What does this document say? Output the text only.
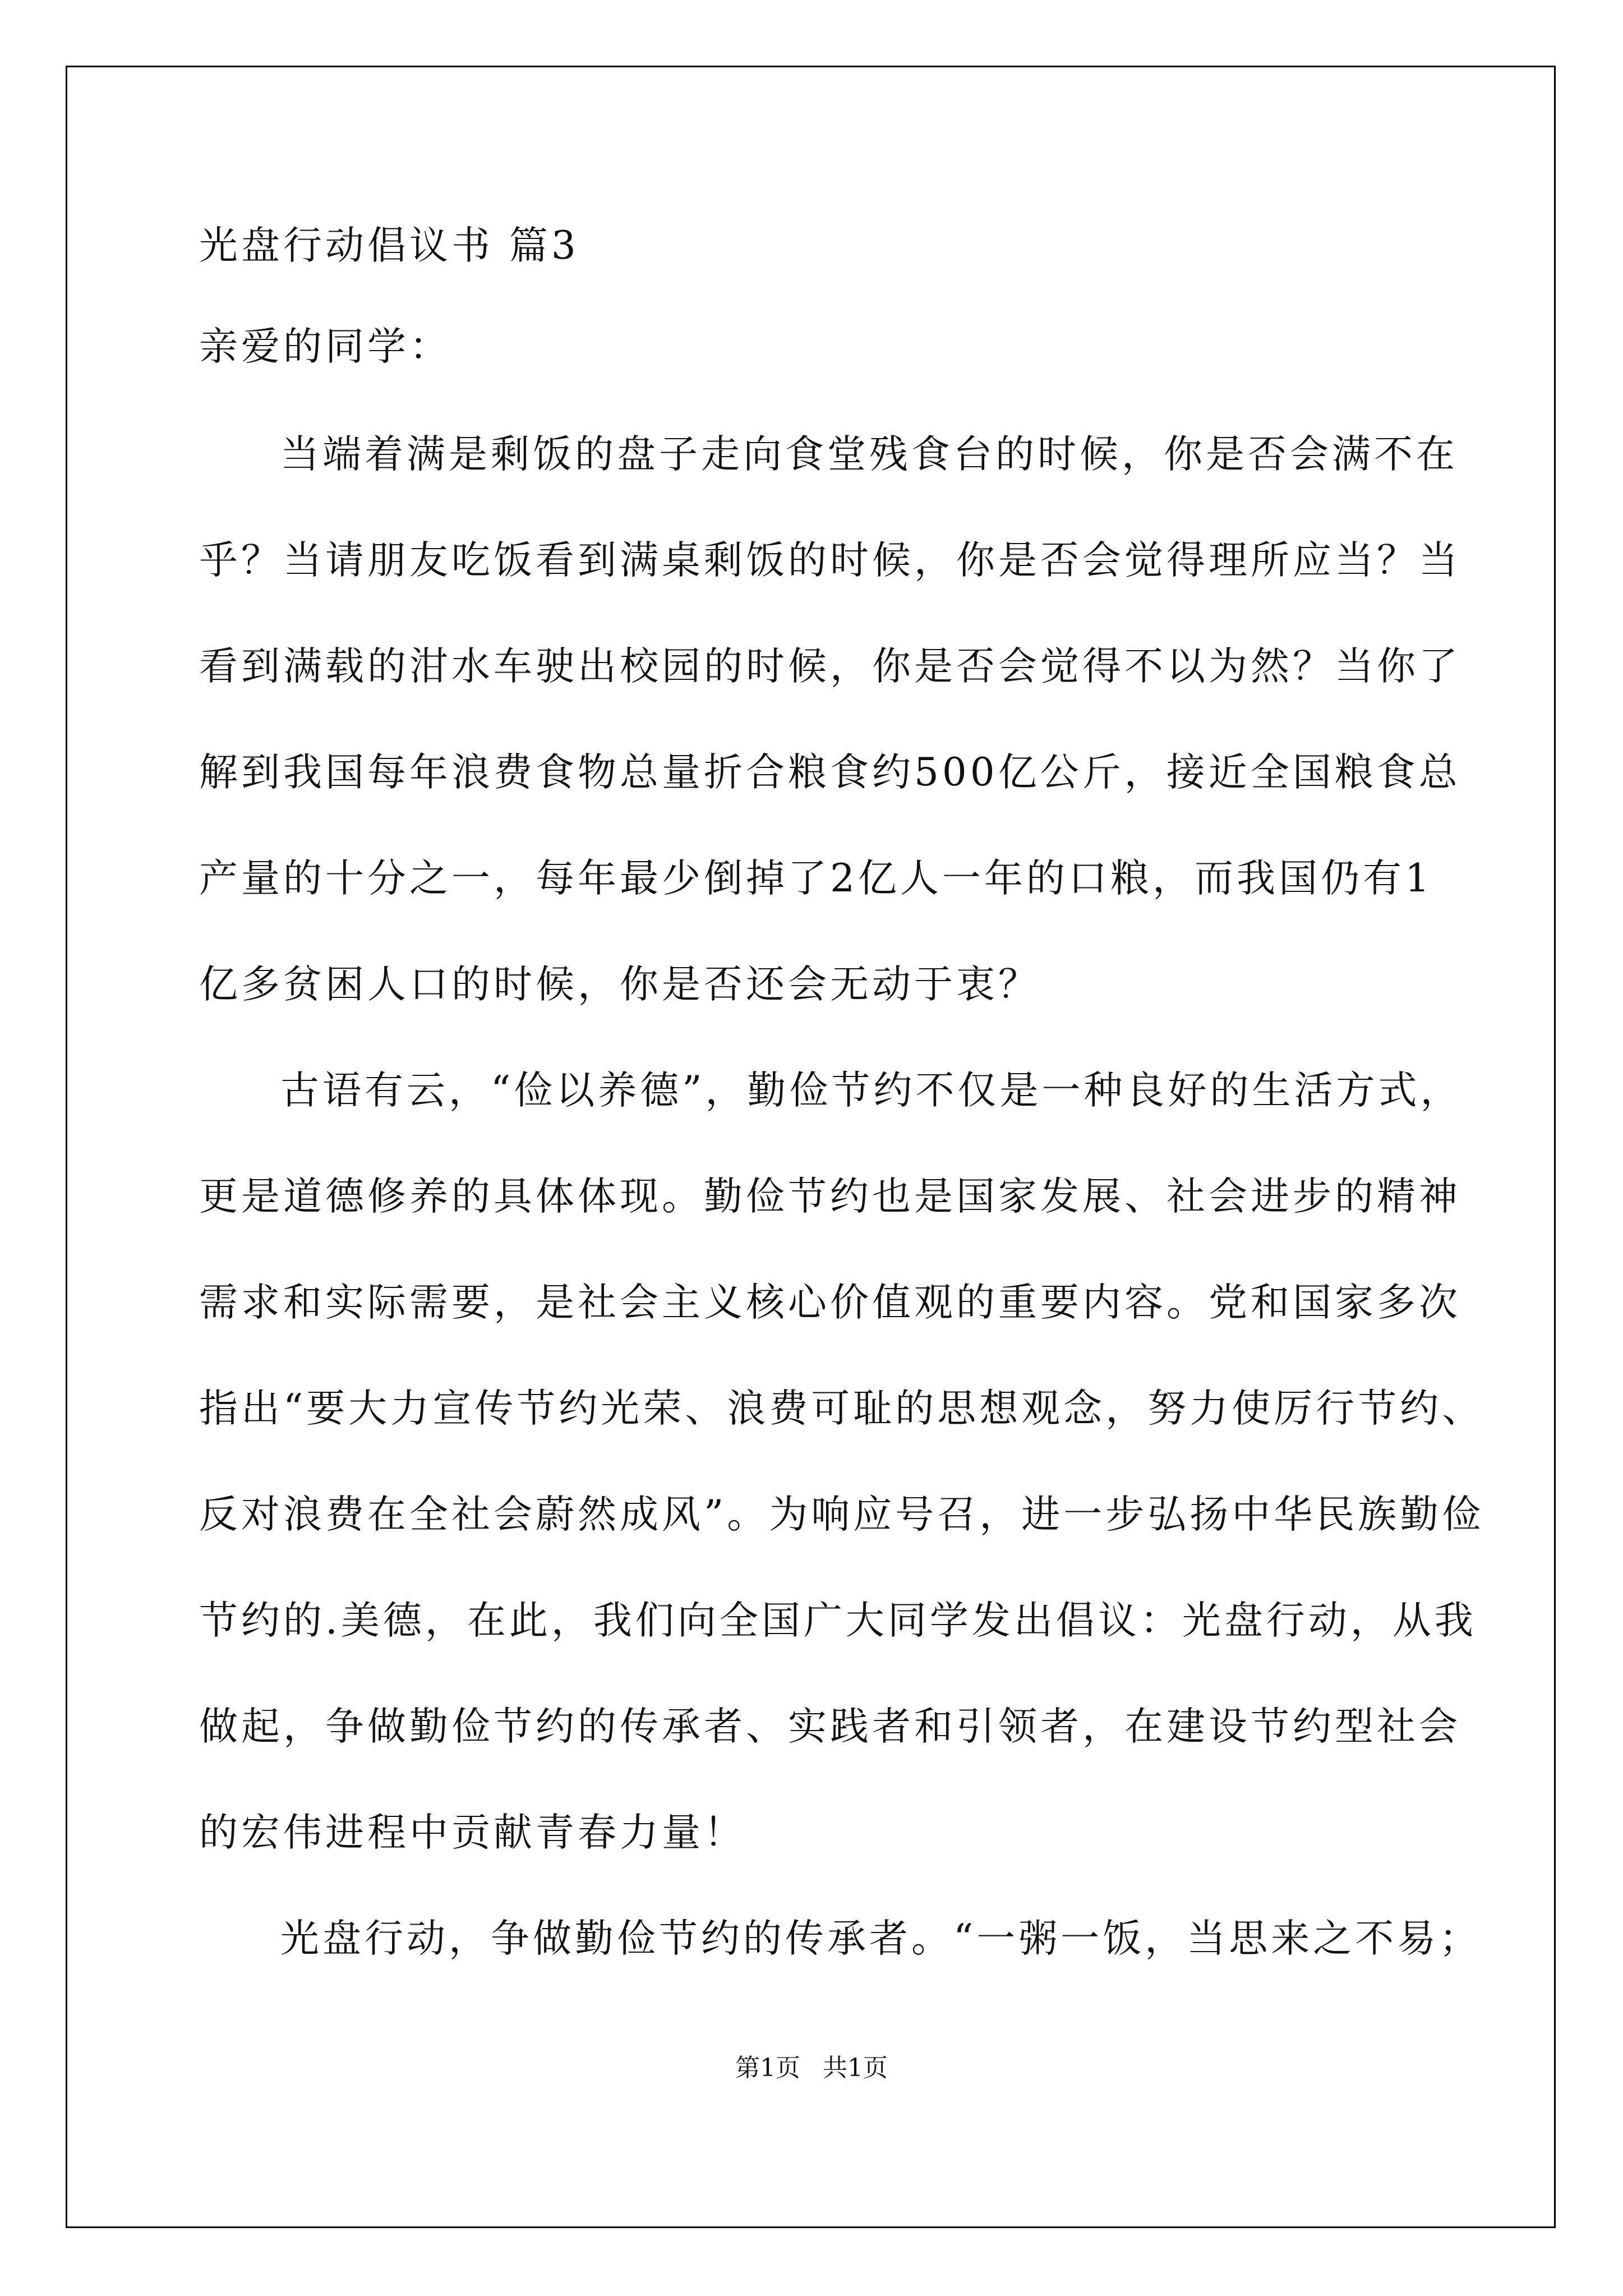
光盘行动倡议书 篇3

亲爱的同学：

当端着满是剩饭的盘子走向食堂残食台的时候，你是否会满不在
乎？当请朋友吃饭看到满桌剩饭的时候，你是否会觉得理所应当？当
看到满载的泔水车驶出校园的时候，你是否会觉得不以为然？当你了
解到我国每年浪费食物总量折合粮食约500亿公斤，接近全国粮食总
产量的十分之一，每年最少倒掉了2亿人一年的口粮，而我国仍有1
亿多贫困人口的时候，你是否还会无动于衷？

古语有云，“俭以养德”，勤俭节约不仅是一种良好的生活方式，
更是道德修养的具体体现。勤俭节约也是国家发展、社会进步的精神
需求和实际需要，是社会主义核心价值观的重要内容。党和国家多次
指出“要大力宣传节约光荣、浪费可耻的思想观念，努力使厉行节约、
反对浪费在全社会蔚然成风”。为响应号召，进一步弘扬中华民族勤俭
节约的.美德，在此，我们向全国广大同学发出倡议：光盘行动，从我
做起，争做勤俭节约的传承者、实践者和引领者，在建设节约型社会
的宏伟进程中贡献青春力量！

光盘行动，争做勤俭节约的传承者。“一粥一饭，当思来之不易；

第1页 共1页
